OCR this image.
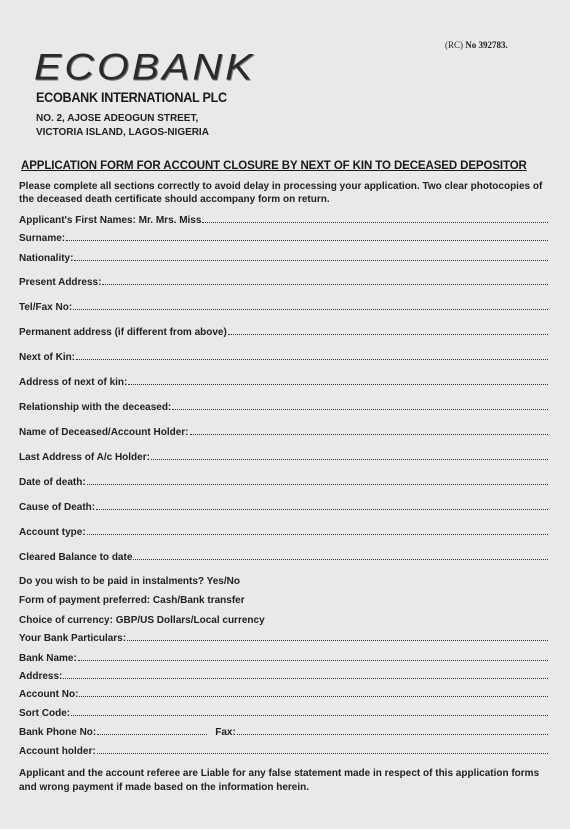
(RC) No 392783.
ECOBANK
ECOBANK INTERNATIONAL PLC
NO. 2, AJOSE ADEOGUN STREET,
VICTORIA ISLAND, LAGOS-NIGERIA
APPLICATION FORM FOR ACCOUNT CLOSURE BY NEXT OF KIN TO DECEASED DEPOSITOR
Please complete all sections correctly to avoid delay in processing your application. Two clear photocopies of the deceased death certificate should accompany form on return.
Applicant's First Names: Mr. Mrs. Miss
Surname:
Nationality:
Present Address:
Tel/Fax No:
Permanent address (if different from above)
Next of Kin:
Address of next of kin:
Relationship with the deceased:
Name of Deceased/Account Holder:
Last Address of A/c Holder:
Date of death:
Cause of Death:
Account type:
Cleared Balance to date
Do you wish to be paid in instalments? Yes/No
Form of payment preferred: Cash/Bank transfer
Choice of currency: GBP/US Dollars/Local currency
Your Bank Particulars:
Bank Name:
Address:
Account No:
Sort Code:
Bank Phone No:	Fax:
Account holder:
Applicant and the account referee are Liable for any false statement made in respect of this application forms and wrong payment if made based on the information herein.
